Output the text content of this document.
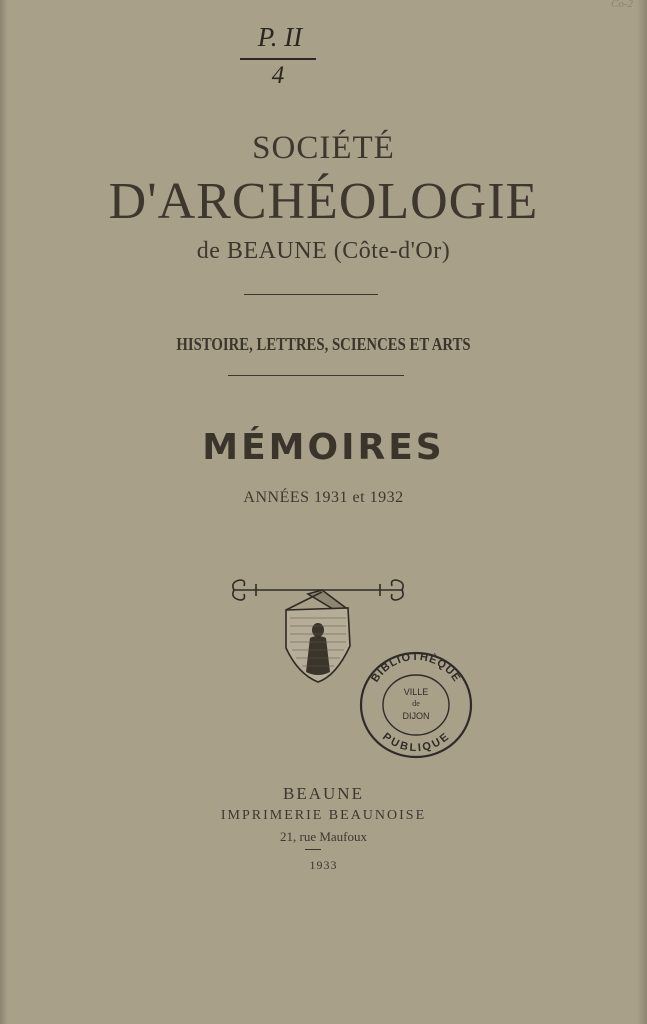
Co-2
P. II
4
SOCIÉTÉ
D'ARCHÉOLOGIE
de BEAUNE (Côte-d'Or)
HISTOIRE, LETTRES, SCIENCES ET ARTS
MÉMOIRES
ANNÉES 1931 et 1932
BIBLIOTHÈQUE
PUBLIQUE
VILLE
de
DIJON
BEAUNE
IMPRIMERIE BEAUNOISE
21, rue Maufoux
1933
